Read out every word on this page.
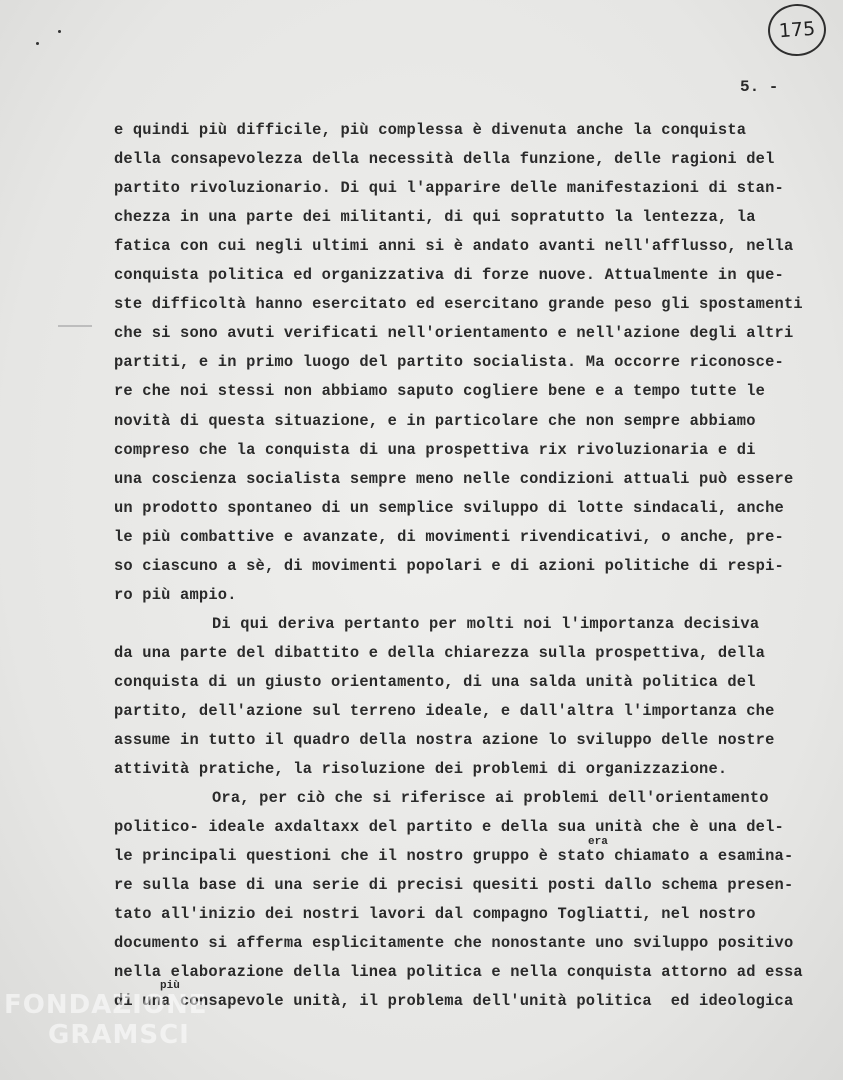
175
5. -
e quindi più difficile, più complessa è divenuta anche la conquista
della consapevolezza della necessità della funzione, delle ragioni del
partito rivoluzionario. Di qui l'apparire delle manifestazioni di stan-
chezza in una parte dei militanti, di qui sopratutto la lentezza, la
fatica con cui negli ultimi anni si è andato avanti nell'afflusso, nella
conquista politica ed organizzativa di forze nuove. Attualmente in que-
ste difficoltà hanno esercitato ed esercitano grande peso gli spostamenti
che si sono avuti verificati nell'orientamento e nell'azione degli altri
partiti, e in primo luogo del partito socialista. Ma occorre riconosce-
re che noi stessi non abbiamo saputo cogliere bene e a tempo tutte le
novità di questa situazione, e in particolare che non sempre abbiamo
compreso che la conquista di una prospettiva rix rivoluzionaria e di
una coscienza socialista sempre meno nelle condizioni attuali può essere
un prodotto spontaneo di un semplice sviluppo di lotte sindacali, anche
le più combattive e avanzate, di movimenti rivendicativi, o anche, pre-
so ciascuno a sè, di movimenti popolari e di azioni politiche di respi-
ro più ampio.
Di qui deriva pertanto per molti noi l'importanza decisiva
da una parte del dibattito e della chiarezza sulla prospettiva, della
conquista di un giusto orientamento, di una salda unità politica del
partito, dell'azione sul terreno ideale, e dall'altra l'importanza che
assume in tutto il quadro della nostra azione lo sviluppo delle nostre
attività pratiche, la risoluzione dei problemi di organizzazione.
Ora, per ciò che si riferisce ai problemi dell'orientamento
politico- ideale axdaltaxx del partito e della sua unità che è una del-
le principali questioni che il nostro gruppo è stato chiamato a esamina-
re sulla base di una serie di precisi quesiti posti dallo schema presen-
tato all'inizio dei nostri lavori dal compagno Togliatti, nel nostro
documento si afferma esplicitamente che nonostante uno sviluppo positivo
nella elaborazione della linea politica e nella conquista attorno ad essa
di una consapevole unità, il problema dell'unità politica  ed ideologica
era
più
FONDAZIONE
GRAMSCI
